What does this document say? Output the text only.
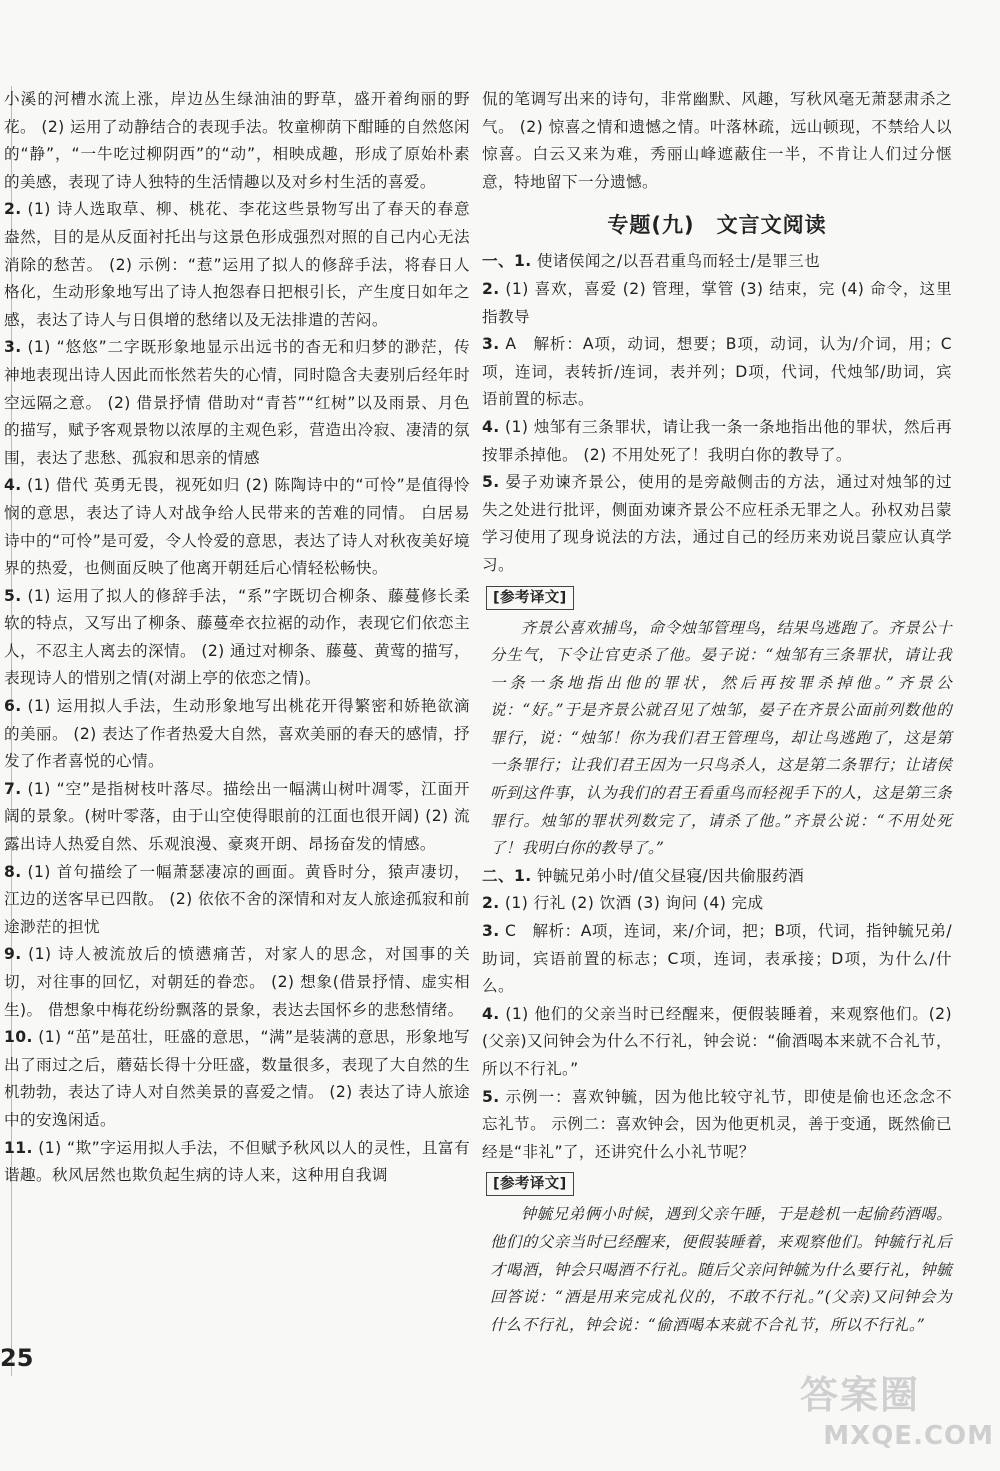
小溪的河槽水流上涨，岸边丛生绿油油的野草，盛开着绚丽的野花。 (2) 运用了动静结合的表现手法。牧童柳荫下酣睡的自然悠闲的“静”，“一牛吃过柳阴西”的“动”，相映成趣，形成了原始朴素的美感，表现了诗人独特的生活情趣以及对乡村生活的喜爱。

2. (1) 诗人选取草、柳、桃花、李花这些景物写出了春天的春意盎然，目的是从反面衬托出与这景色形成强烈对照的自己内心无法消除的愁苦。 (2) 示例：“惹”运用了拟人的修辞手法，将春日人格化，生动形象地写出了诗人抱怨春日把根引长，产生度日如年之感，表达了诗人与日俱增的愁绪以及无法排遣的苦闷。

3. (1) “悠悠”二字既形象地显示出远书的杳无和归梦的渺茫，传神地表现出诗人因此而怅然若失的心情，同时隐含夫妻别后经年时空远隔之意。 (2) 借景抒情 借助对“青苔”“红树”以及雨景、月色的描写，赋予客观景物以浓厚的主观色彩，营造出冷寂、凄清的氛围，表达了悲愁、孤寂和思亲的情感

4. (1) 借代 英勇无畏，视死如归 (2) 陈陶诗中的“可怜”是值得怜悯的意思，表达了诗人对战争给人民带来的苦难的同情。 白居易诗中的“可怜”是可爱，令人怜爱的意思，表达了诗人对秋夜美好境界的热爱，也侧面反映了他离开朝廷后心情轻松畅快。

5. (1) 运用了拟人的修辞手法，“系”字既切合柳条、藤蔓修长柔软的特点，又写出了柳条、藤蔓牵衣拉裾的动作，表现它们依恋主人，不忍主人离去的深情。 (2) 通过对柳条、藤蔓、黄莺的描写，表现诗人的惜别之情(对湖上亭的依恋之情)。

6. (1) 运用拟人手法，生动形象地写出桃花开得繁密和娇艳欲滴的美丽。 (2) 表达了作者热爱大自然，喜欢美丽的春天的感情，抒发了作者喜悦的心情。

7. (1) “空”是指树枝叶落尽。描绘出一幅满山树叶凋零，江面开阔的景象。(树叶零落，由于山空使得眼前的江面也很开阔) (2) 流露出诗人热爱自然、乐观浪漫、豪爽开朗、昂扬奋发的情感。

8. (1) 首句描绘了一幅萧瑟凄凉的画面。黄昏时分，猿声凄切，江边的送客早已四散。 (2) 依依不舍的深情和对友人旅途孤寂和前途渺茫的担忧

9. (1) 诗人被流放后的愤懑痛苦，对家人的思念，对国事的关切，对往事的回忆，对朝廷的眷恋。 (2) 想象(借景抒情、虚实相生)。 借想象中梅花纷纷飘落的景象，表达去国怀乡的悲愁情绪。

10. (1) “茁”是茁壮，旺盛的意思，“满”是装满的意思，形象地写出了雨过之后，蘑菇长得十分旺盛，数量很多，表现了大自然的生机勃勃，表达了诗人对自然美景的喜爱之情。 (2) 表达了诗人旅途中的安逸闲适。

11. (1) “欺”字运用拟人手法，不但赋予秋风以人的灵性，且富有谐趣。秋风居然也欺负起生病的诗人来，这种用自我调

侃的笔调写出来的诗句，非常幽默、风趣，写秋风毫无萧瑟肃杀之气。 (2) 惊喜之情和遗憾之情。叶落林疏，远山顿现，不禁给人以惊喜。白云又来为难，秀丽山峰遮蔽住一半，不肯让人们过分惬意，特地留下一分遗憾。

专题(九)　文言文阅读

一、1. 使诸侯闻之/以吾君重鸟而轻士/是罪三也

2. (1) 喜欢，喜爱 (2) 管理，掌管 (3) 结束，完 (4) 命令，这里指教导

3. A　解析：A项，动词，想要；B项，动词，认为/介词，用；C项，连词，表转折/连词，表并列；D项，代词，代烛邹/助词，宾语前置的标志。

4. (1) 烛邹有三条罪状，请让我一条一条地指出他的罪状，然后再按罪杀掉他。 (2) 不用处死了！我明白你的教导了。

5. 晏子劝谏齐景公，使用的是旁敲侧击的方法，通过对烛邹的过失之处进行批评，侧面劝谏齐景公不应枉杀无罪之人。孙权劝吕蒙学习使用了现身说法的方法，通过自己的经历来劝说吕蒙应认真学习。

[参考译文]

齐景公喜欢捕鸟，命令烛邹管理鸟，结果鸟逃跑了。齐景公十分生气，下令让官吏杀了他。晏子说：“烛邹有三条罪状，请让我一条一条地指出他的罪状，然后再按罪杀掉他。”齐景公说：“好。”于是齐景公就召见了烛邹，晏子在齐景公面前列数他的罪行，说：“烛邹！你为我们君王管理鸟，却让鸟逃跑了，这是第一条罪行；让我们君王因为一只鸟杀人，这是第二条罪行；让诸侯听到这件事，认为我们的君王看重鸟而轻视手下的人，这是第三条罪行。烛邹的罪状列数完了，请杀了他。”齐景公说：“不用处死了！我明白你的教导了。”

二、1. 钟毓兄弟小时/值父昼寝/因共偷服药酒

2. (1) 行礼 (2) 饮酒 (3) 询问 (4) 完成

3. C　解析：A项，连词，来/介词，把；B项，代词，指钟毓兄弟/助词，宾语前置的标志；C项，连词，表承接；D项，为什么/什么。

4. (1) 他们的父亲当时已经醒来，便假装睡着，来观察他们。(2) (父亲)又问钟会为什么不行礼，钟会说：“偷酒喝本来就不合礼节，所以不行礼。”

5. 示例一：喜欢钟毓，因为他比较守礼节，即使是偷也还念念不忘礼节。 示例二：喜欢钟会，因为他更机灵，善于变通，既然偷已经是“非礼”了，还讲究什么小礼节呢？

[参考译文]

钟毓兄弟俩小时候，遇到父亲午睡，于是趁机一起偷药酒喝。他们的父亲当时已经醒来，便假装睡着，来观察他们。钟毓行礼后才喝酒，钟会只喝酒不行礼。随后父亲问钟毓为什么要行礼，钟毓回答说：“酒是用来完成礼仪的，不敢不行礼。”(父亲)又问钟会为什么不行礼，钟会说：“偷酒喝本来就不合礼节，所以不行礼。”

25
答案圈
MXQE.COM
